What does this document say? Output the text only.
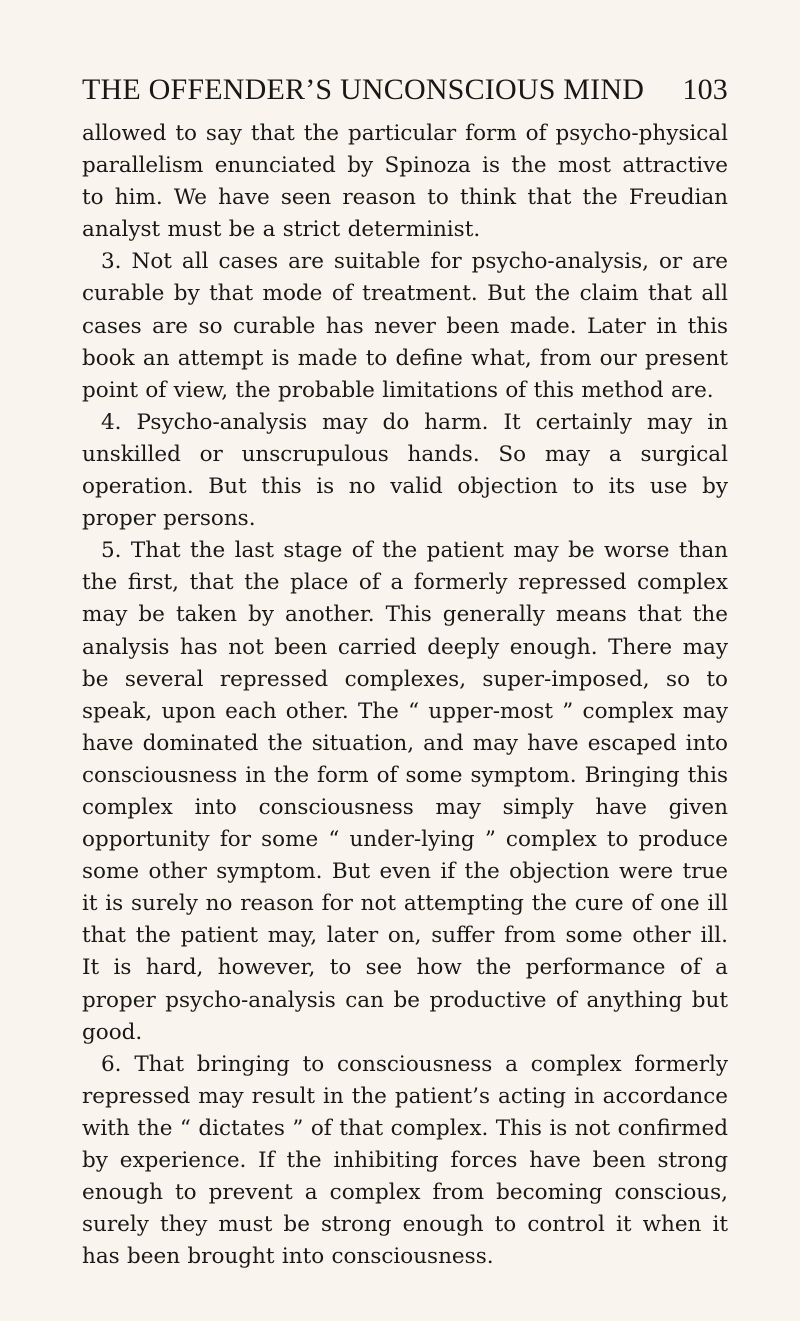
THE OFFENDER’S UNCONSCIOUS MIND 103

allowed to say that the particular form of psycho-physical parallelism enunciated by Spinoza is the most attractive to him. We have seen reason to think that the Freudian analyst must be a strict determinist.

3. Not all cases are suitable for psycho-analysis, or are curable by that mode of treatment. But the claim that all cases are so curable has never been made. Later in this book an attempt is made to define what, from our present point of view, the probable limitations of this method are.

4. Psycho-analysis may do harm. It certainly may in unskilled or unscrupulous hands. So may a surgical operation. But this is no valid objection to its use by proper persons.

5. That the last stage of the patient may be worse than the first, that the place of a formerly repressed complex may be taken by another. This generally means that the analysis has not been carried deeply enough. There may be several repressed complexes, super-imposed, so to speak, upon each other. The “ upper-most ” complex may have dominated the situation, and may have escaped into consciousness in the form of some symptom. Bringing this complex into consciousness may simply have given opportunity for some “ under-lying ” complex to produce some other symptom. But even if the objection were true it is surely no reason for not attempting the cure of one ill that the patient may, later on, suffer from some other ill. It is hard, however, to see how the performance of a proper psycho-analysis can be productive of anything but good.

6. That bringing to consciousness a complex formerly repressed may result in the patient’s acting in accordance with the “ dictates ” of that complex. This is not confirmed by experience. If the inhibiting forces have been strong enough to prevent a complex from becoming conscious, surely they must be strong enough to control it when it has been brought into consciousness.
